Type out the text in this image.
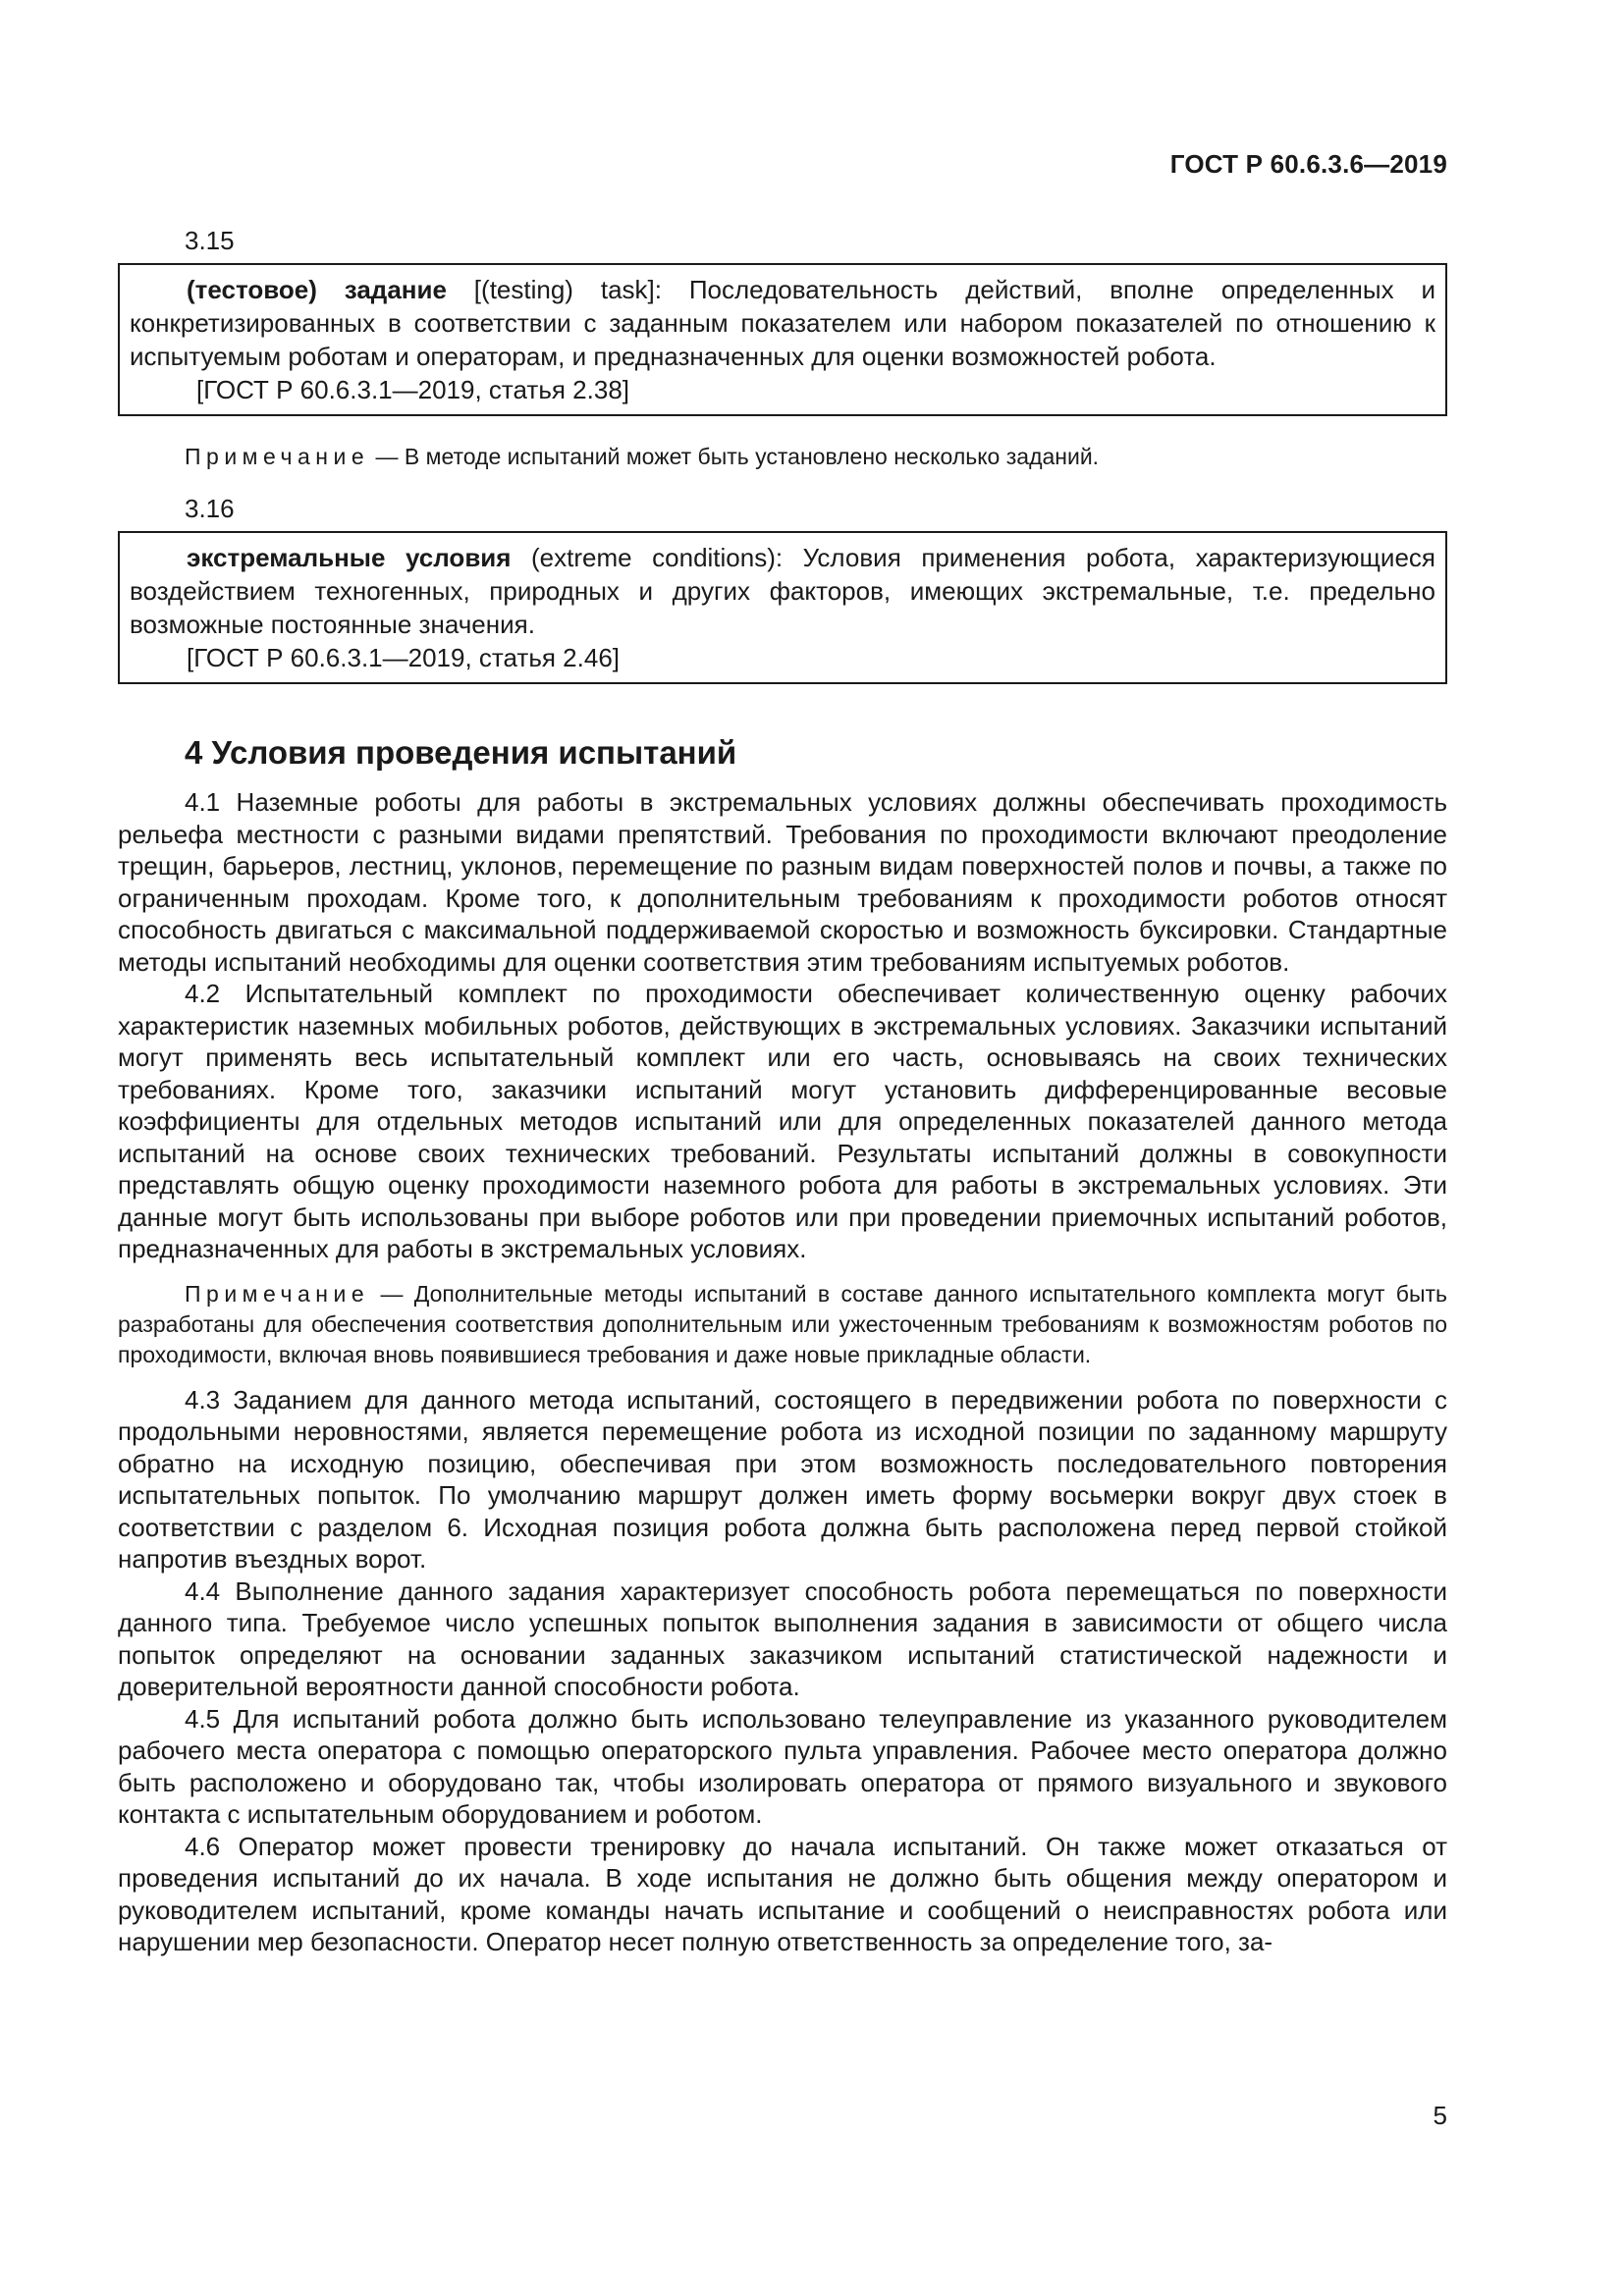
ГОСТ Р 60.6.3.6—2019
3.15

(тестовое) задание [(testing) task]: Последовательность действий, вполне определенных и конкретизированных в соответствии с заданным показателем или набором показателей по отношению к испытуемым роботам и операторам, и предназначенных для оценки возможностей робота.

[ГОСТ Р 60.6.3.1—2019, статья 2.38]

Примечание — В методе испытаний может быть установлено несколько заданий.

3.16

экстремальные условия (extreme conditions): Условия применения робота, характеризующиеся воздействием техногенных, природных и других факторов, имеющих экстремальные, т.е. предельно возможные постоянные значения.

[ГОСТ Р 60.6.3.1—2019, статья 2.46]

4 Условия проведения испытаний

4.1 Наземные роботы для работы в экстремальных условиях должны обеспечивать проходимость рельефа местности с разными видами препятствий. Требования по проходимости включают преодоление трещин, барьеров, лестниц, уклонов, перемещение по разным видам поверхностей полов и почвы, а также по ограниченным проходам. Кроме того, к дополнительным требованиям к проходимости роботов относят способность двигаться с максимальной поддерживаемой скоростью и возможность буксировки. Стандартные методы испытаний необходимы для оценки соответствия этим требованиям испытуемых роботов.

4.2 Испытательный комплект по проходимости обеспечивает количественную оценку рабочих характеристик наземных мобильных роботов, действующих в экстремальных условиях. Заказчики испытаний могут применять весь испытательный комплект или его часть, основываясь на своих технических требованиях. Кроме того, заказчики испытаний могут установить дифференцированные весовые коэффициенты для отдельных методов испытаний или для определенных показателей данного метода испытаний на основе своих технических требований. Результаты испытаний должны в совокупности представлять общую оценку проходимости наземного робота для работы в экстремальных условиях. Эти данные могут быть использованы при выборе роботов или при проведении приемочных испытаний роботов, предназначенных для работы в экстремальных условиях.

Примечание — Дополнительные методы испытаний в составе данного испытательного комплекта могут быть разработаны для обеспечения соответствия дополнительным или ужесточенным требованиям к возможностям роботов по проходимости, включая вновь появившиеся требования и даже новые прикладные области.

4.3 Заданием для данного метода испытаний, состоящего в передвижении робота по поверхности с продольными неровностями, является перемещение робота из исходной позиции по заданному маршруту обратно на исходную позицию, обеспечивая при этом возможность последовательного повторения испытательных попыток. По умолчанию маршрут должен иметь форму восьмерки вокруг двух стоек в соответствии с разделом 6. Исходная позиция робота должна быть расположена перед первой стойкой напротив въездных ворот.

4.4 Выполнение данного задания характеризует способность робота перемещаться по поверхности данного типа. Требуемое число успешных попыток выполнения задания в зависимости от общего числа попыток определяют на основании заданных заказчиком испытаний статистической надежности и доверительной вероятности данной способности робота.

4.5 Для испытаний робота должно быть использовано телеуправление из указанного руководителем рабочего места оператора с помощью операторского пульта управления. Рабочее место оператора должно быть расположено и оборудовано так, чтобы изолировать оператора от прямого визуального и звукового контакта с испытательным оборудованием и роботом.

4.6 Оператор может провести тренировку до начала испытаний. Он также может отказаться от проведения испытаний до их начала. В ходе испытания не должно быть общения между оператором и руководителем испытаний, кроме команды начать испытание и сообщений о неисправностях робота или нарушении мер безопасности. Оператор несет полную ответственность за определение того, за-

5
